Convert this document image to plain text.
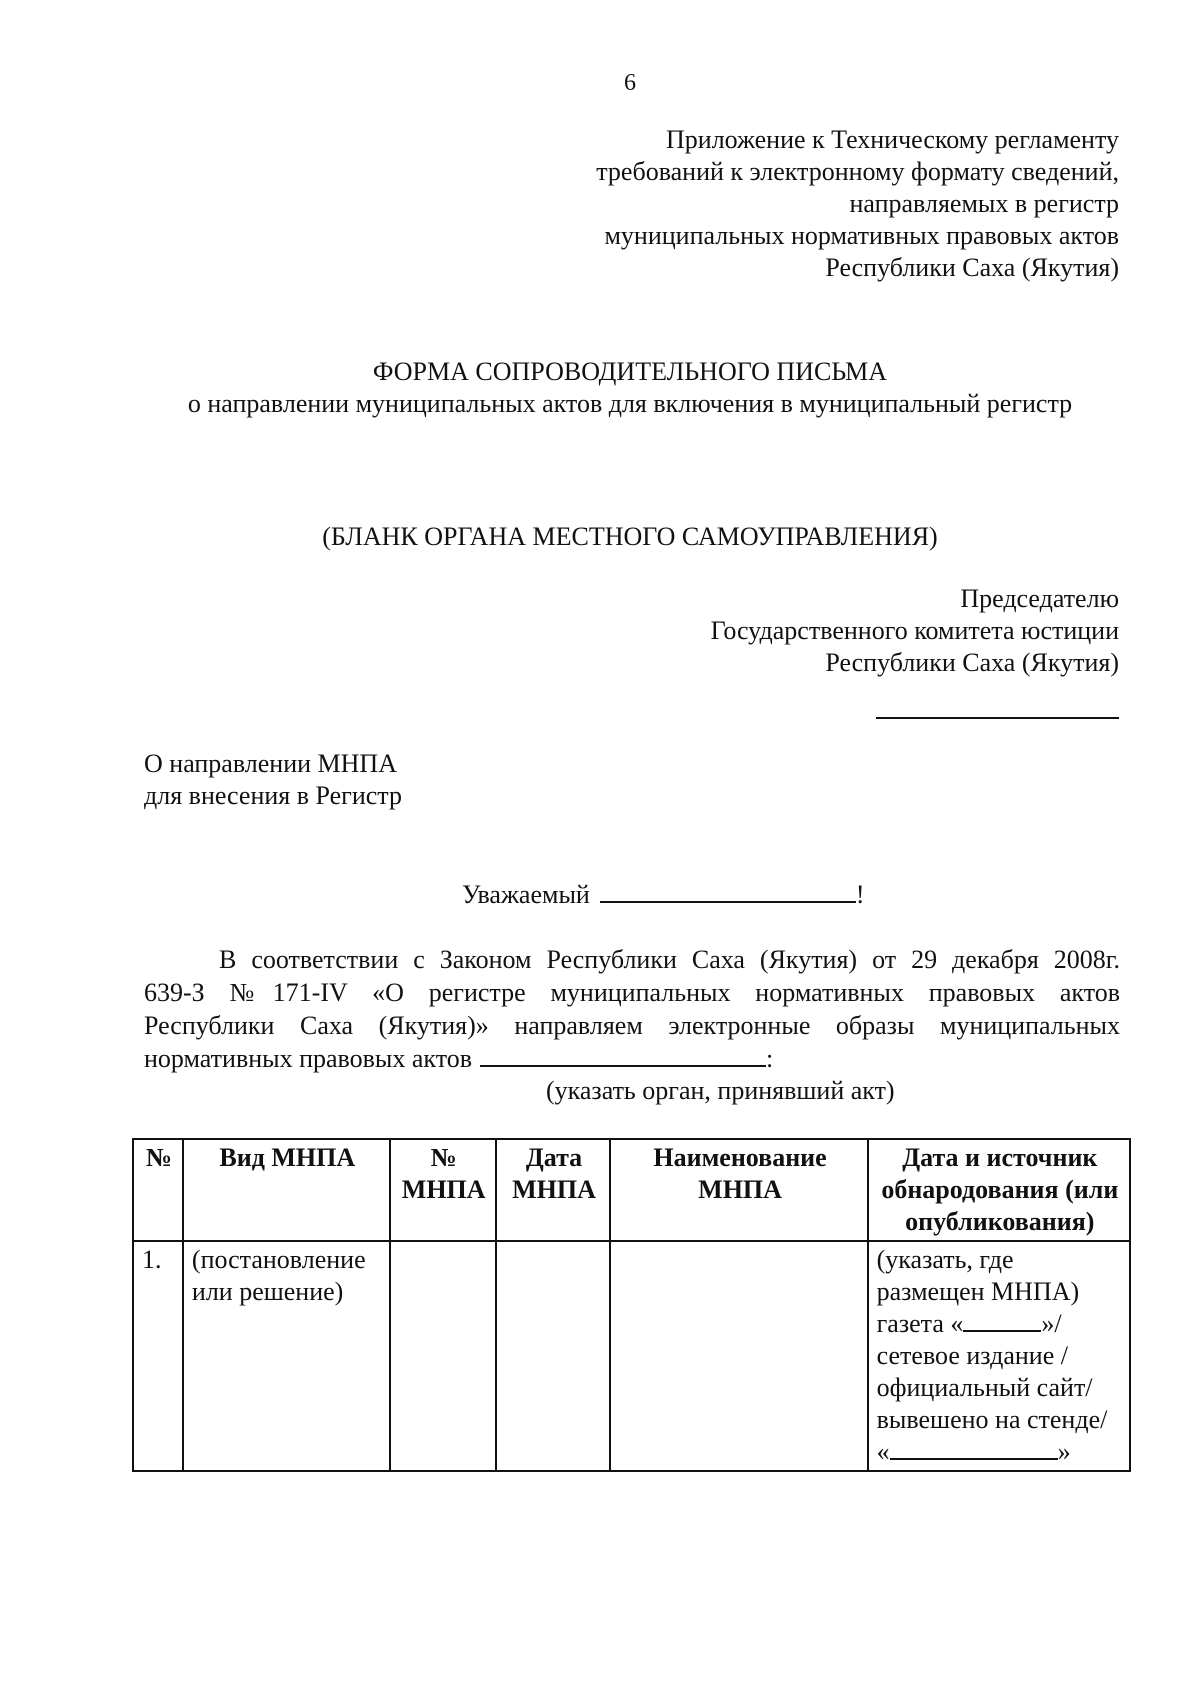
6
Приложение к Техническому регламенту
требований к электронному формату сведений,
направляемых в регистр
муниципальных нормативных правовых актов
Республики Саха (Якутия)
ФОРМА СОПРОВОДИТЕЛЬНОГО ПИСЬМА
о направлении муниципальных актов для включения в муниципальный регистр
(БЛАНК ОРГАНА МЕСТНОГО САМОУПРАВЛЕНИЯ)
Председателю
Государственного комитета юстиции
Республики Саха (Якутия)
О направлении МНПА
для внесения в Регистр
Уважаемый	!
В соответствии с Законом Республики Саха (Якутия) от 29 декабря 2008г.
639-З №171-IV «О регистре муниципальных нормативных правовых актов
Республики Саха (Якутия)» направляем электронные образы муниципальных
нормативных правовых актов	:
(указать орган, принявший акт)
№	Вид МНПА	№ МНПА	Дата МНПА	Наименование МНПА	Дата и источник обнародования (или опубликования)
1.	(постановление или решение)				(указать, где размещен МНПА) газета « »/сетевое издание /официальный сайт/вывешено на стенде/ « »
